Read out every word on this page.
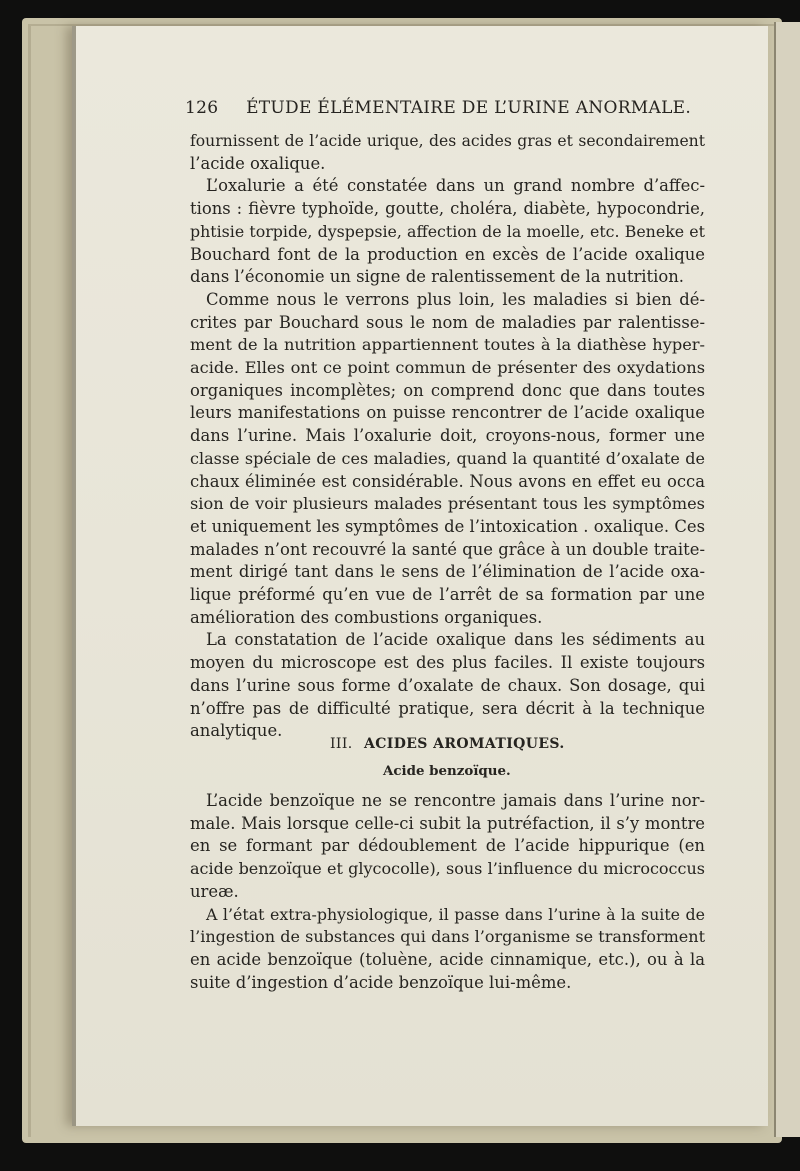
126 ÉTUDE ÉLÉMENTAIRE DE L’URINE ANORMALE.
fournissent de l’acide urique, des acides gras et secondairement
l’acide oxalique.
L’oxalurie a été constatée dans un grand nombre d’affec-
tions : fièvre typhoïde, goutte, choléra, diabète, hypocondrie,
phtisie torpide, dyspepsie, affection de la moelle, etc. Beneke et
Bouchard font de la production en excès de l’acide oxalique
dans l’économie un signe de ralentissement de la nutrition.
Comme nous le verrons plus loin, les maladies si bien dé-
crites par Bouchard sous le nom de maladies par ralentisse-
ment de la nutrition appartiennent toutes à la diathèse hyper-
acide. Elles ont ce point commun de présenter des oxydations
organiques incomplètes; on comprend donc que dans toutes
leurs manifestations on puisse rencontrer de l’acide oxalique
dans l’urine. Mais l’oxalurie doit, croyons-nous, former une
classe spéciale de ces maladies, quand la quantité d’oxalate de
chaux éliminée est considérable. Nous avons en effet eu occa
sion de voir plusieurs malades présentant tous les symptômes
et uniquement les symptômes de l’intoxication . oxalique. Ces
malades n’ont recouvré la santé que grâce à un double traite-
ment dirigé tant dans le sens de l’élimination de l’acide oxa-
lique préformé qu’en vue de l’arrêt de sa formation par une
amélioration des combustions organiques.
La constatation de l’acide oxalique dans les sédiments au
moyen du microscope est des plus faciles. Il existe toujours
dans l’urine sous forme d’oxalate de chaux. Son dosage, qui
n’offre pas de difficulté pratique, sera décrit à la technique
analytique.
III. ACIDES AROMATIQUES.
Acide benzoïque.
L’acide benzoïque ne se rencontre jamais dans l’urine nor-
male. Mais lorsque celle-ci subit la putréfaction, il s’y montre
en se formant par dédoublement de l’acide hippurique (en
acide benzoïque et glycocolle), sous l’influence du micrococcus
ureæ.
A l’état extra-physiologique, il passe dans l’urine à la suite de
l’ingestion de substances qui dans l’organisme se transforment
en acide benzoïque (toluène, acide cinnamique, etc.), ou à la
suite d’ingestion d’acide benzoïque lui-même.
